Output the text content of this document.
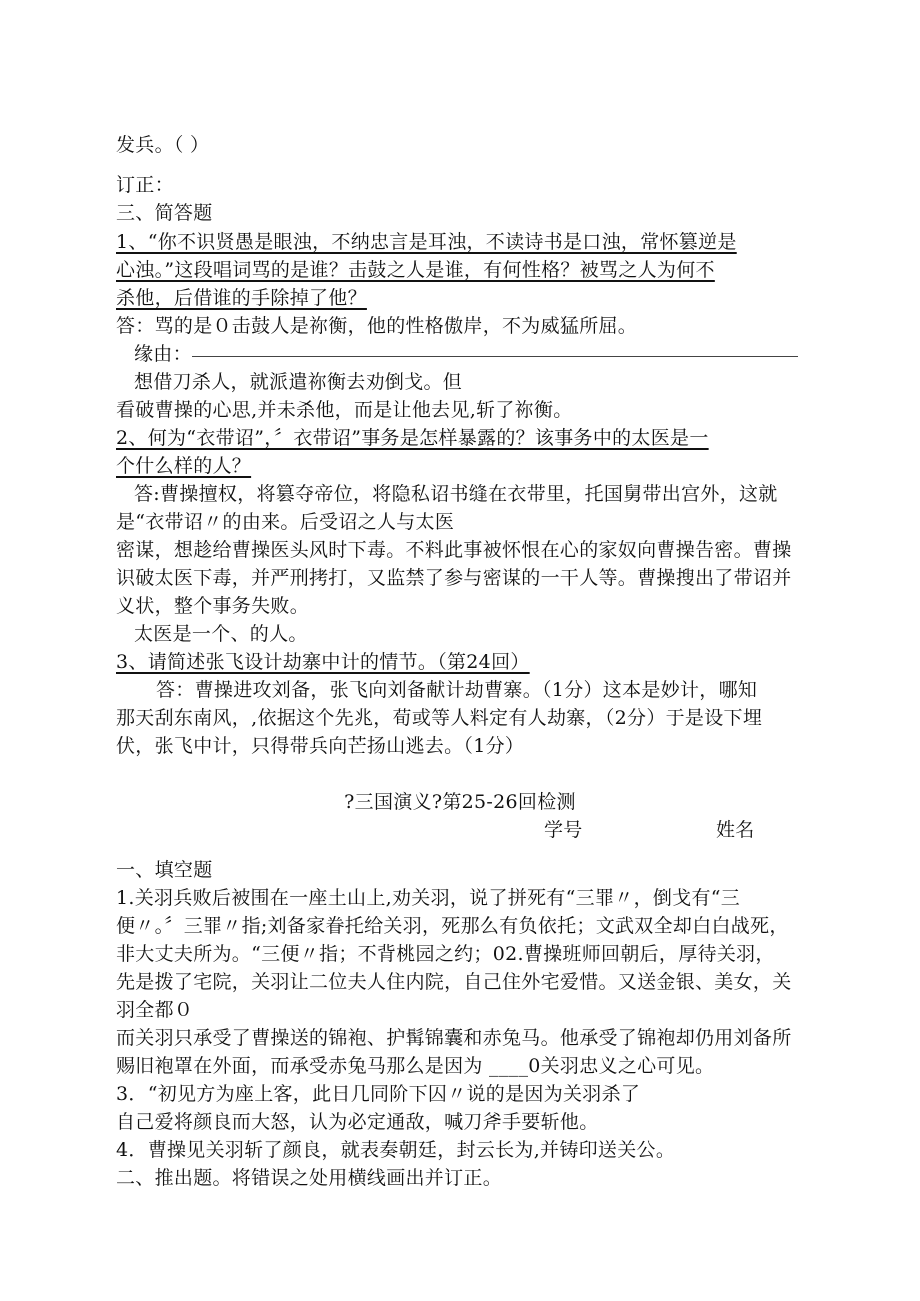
发兵。（ ）
订正：
三、简答题
1、“你不识贤愚是眼浊，不纳忠言是耳浊，不读诗书是口浊，常怀篡逆是
心浊。”这段唱词骂的是谁？击鼓之人是谁，有何性格？被骂之人为何不
杀他，后借谁的手除掉了他？
答：骂的是０击鼓人是祢衡，他的性格傲岸，不为威猛所屈。
缘由：
想借刀杀人，就派遣祢衡去劝倒戈。但
看破曹操的心思,并未杀他，而是让他去见,斩了祢衡。
2、何为“衣带诏”，〞衣带诏”事务是怎样暴露的？该事务中的太医是一
个什么样的人？
答:曹操擅权，将篡夺帝位，将隐私诏书缝在衣带里，托国舅带出宫外，这就
是“衣带诏〃的由来。后受诏之人与太医
密谋，想趁给曹操医头风时下毒。不料此事被怀恨在心的家奴向曹操告密。曹操
识破太医下毒，并严刑拷打，又监禁了参与密谋的一干人等。曹操搜出了带诏并
义状，整个事务失败。
太医是一个、的人。
3、请简述张飞设计劫寨中计的情节。（第24回）
答：曹操进攻刘备，张飞向刘备献计劫曹寨。（1分）这本是妙计，哪知
那天刮东南风，,依据这个先兆，荀或等人料定有人劫寨，（2分）于是设下埋
伏，张飞中计，只得带兵向芒扬山逃去。（1分）
?三国演义?第25-26回检测
学号	姓名
一、填空题
1.关羽兵败后被围在一座土山上,劝关羽，说了拼死有“三罪〃，倒戈有“三
便〃。〞三罪〃指;刘备家眷托给关羽，死那么有负依托；文武双全却白白战死，
非大丈夫所为。“三便〃指；不背桃园之约；02.曹操班师回朝后，厚待关羽，
先是拨了宅院，关羽让二位夫人住内院，自己住外宅爱惜。又送金银、美女，关
羽全都０
而关羽只承受了曹操送的锦袍、护髯锦囊和赤兔马。他承受了锦袍却仍用刘备所
赐旧袍罩在外面，而承受赤兔马那么是因为 ____0关羽忠义之心可见。
3．“初见方为座上客，此日几同阶下囚〃说的是因为关羽杀了
自己爱将颜良而大怒，认为必定通敌，喊刀斧手要斩他。
4．曹操见关羽斩了颜良，就表奏朝廷，封云长为,并铸印送关公。
二、推出题。将错误之处用横线画出并订正。
